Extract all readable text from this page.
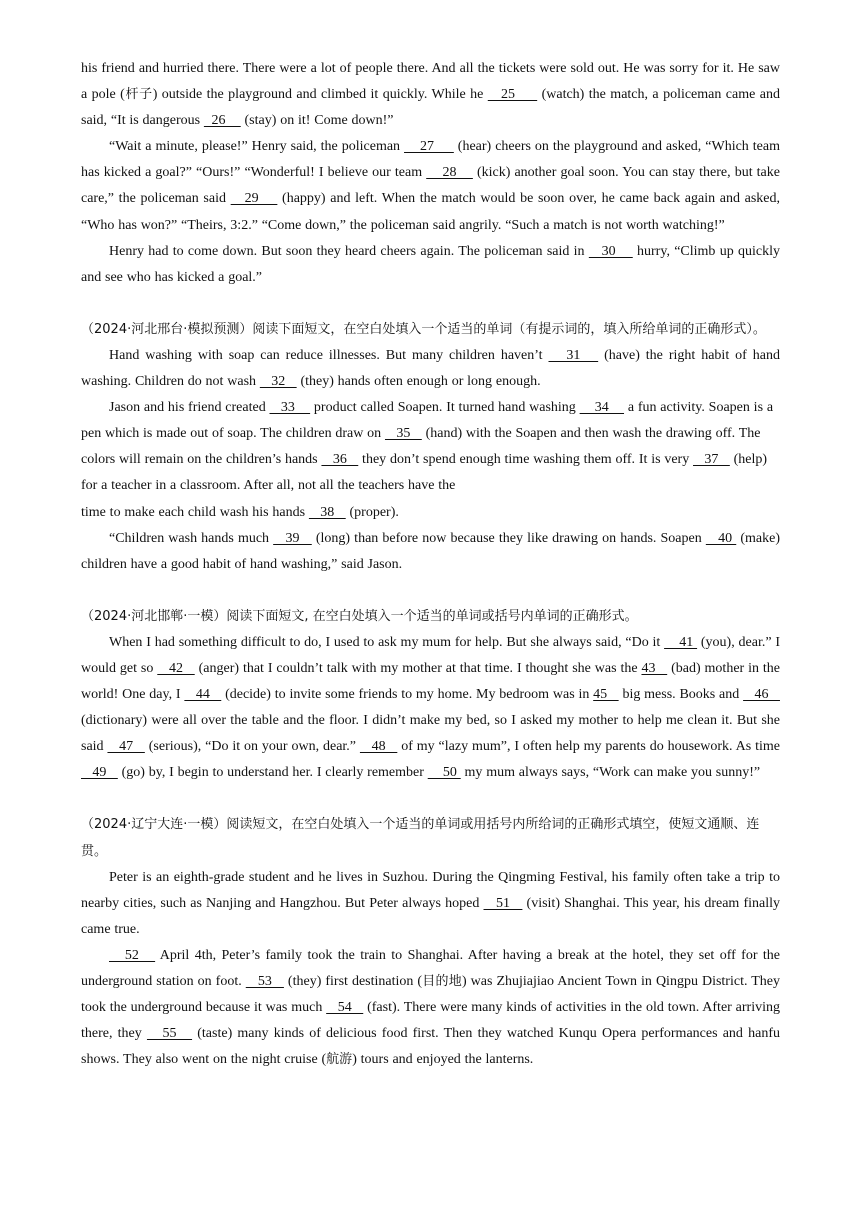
his friend and hurried there. There were a lot of people there. And all the tickets were sold out. He was sorry for it. He saw a pole (杆子) outside the playground and climbed it quickly. While he    25      (watch) the match, a policeman came and said, “It is dangerous   26     (stay) on it! Come down!”

“Wait a minute, please!” Henry said, the policeman     27      (hear) cheers on the playground and asked, “Which team has kicked a goal?” “Ours!” “Wonderful! I believe our team     28     (kick) another goal soon. You can stay there, but take care,” the policeman said    29     (happy) and left. When the match would be soon over, he came back again and asked, “Who has won?” “Theirs, 3:2.” “Come down,” the policeman said angrily. “Such a match is not worth watching!”

Henry had to come down. But soon they heard cheers again. The policeman said in    30     hurry, “Climb up quickly and see who has kicked a goal.”

（2024·河北邢台·模拟预测）阅读下面短文，在空白处填入一个适当的单词（有提示词的，填入所给单词的正确形式）。

Hand washing with soap can reduce illnesses. But many children haven’t    31    (have) the right habit of hand washing. Children do not wash    32    (they) hands often enough or long enough.

Jason and his friend created    33     product called Soapen. It turned hand washing     34     a fun activity. Soapen is a pen which is made out of soap. The children draw on    35    (hand) with the Soapen and then wash the drawing off. The colors will remain on the children’s hands    36    they don’t spend enough time washing them off. It is very    37    (help) for a teacher in a classroom. After all, not all the teachers have the

time to make each child wash his hands    38    (proper).

“Children wash hands much    39    (long) than before now because they like drawing on hands. Soapen    40  (make) children have a good habit of hand washing,” said Jason.

（2024·河北邯郸·一模）阅读下面短文, 在空白处填入一个适当的单词或括号内单词的正确形式。

When I had something difficult to do, I used to ask my mum for help. But she always said, “Do it     41  (you), dear.” I would get so    42    (anger) that I couldn’t talk with my mother at that time. I thought she was the 43    (bad) mother in the world! One day, I    44    (decide) to invite some friends to my home. My bedroom was in 45    big mess. Books and    46    (dictionary) were all over the table and the floor. I didn’t make my bed, so I asked my mother to help me clean it. But she said    47    (serious), “Do it on your own, dear.”    48    of my “lazy mum”, I often help my parents do housework. As time    49    (go) by, I begin to understand her. I clearly remember     50  my mum always says, “Work can make you sunny!”

（2024·辽宁大连·一模）阅读短文，在空白处填入一个适当的单词或用括号内所给词的正确形式填空，使短文通顺、连贯。

Peter is an eighth-grade student and he lives in Suzhou. During the Qingming Festival, his family often take a trip to nearby cities, such as Nanjing and Hangzhou. But Peter always hoped    51    (visit) Shanghai. This year, his dream finally came true.

52    April 4th, Peter’s family took the train to Shanghai. After having a break at the hotel, they set off for the underground station on foot.    53    (they) first destination (目的地) was Zhujiajiao Ancient Town in Qingpu District. They took the underground because it was much    54    (fast). There were many kinds of activities in the old town. After arriving there, they    55    (taste) many kinds of delicious food first. Then they watched Kunqu Opera performances and hanfu shows. They also went on the night cruise (航游) tours and enjoyed the lanterns.
